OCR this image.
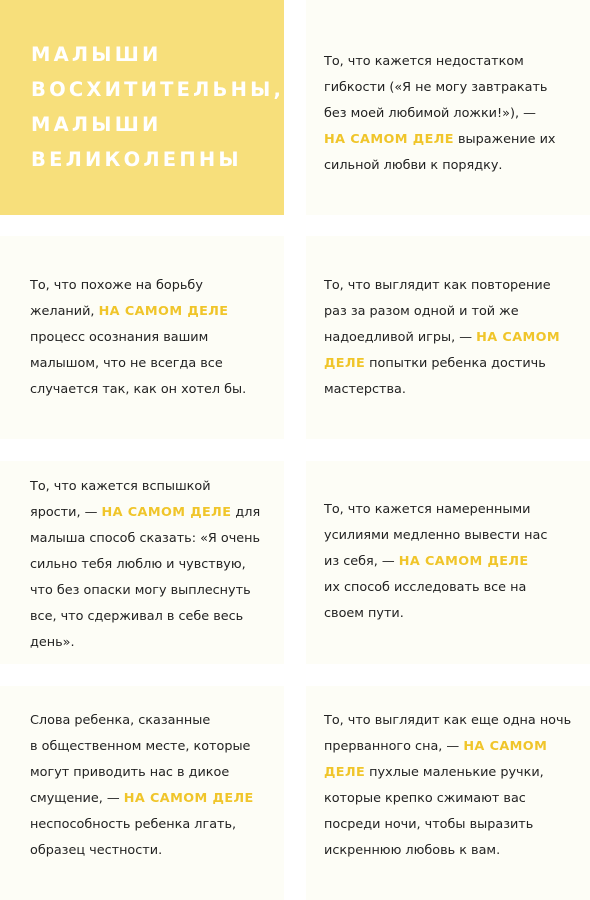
МАЛЫШИ
ВОСХИТИТЕЛЬНЫ,
МАЛЫШИ
ВЕЛИКОЛЕПНЫ

То, что кажется недостатком
гибкости («Я не могу завтракать
без моей любимой ложки!»), —
НА САМОМ ДЕЛЕ выражение их
сильной любви к порядку.

То, что похоже на борьбу
желаний, НА САМОМ ДЕЛЕ
процесс осознания вашим
малышом, что не всегда все
случается так, как он хотел бы.

То, что выглядит как повторение
раз за разом одной и той же
надоедливой игры, — НА САМОМ
ДЕЛЕ попытки ребенка достичь
мастерства.

То, что кажется вспышкой
ярости, — НА САМОМ ДЕЛЕ для
малыша способ сказать: «Я очень
сильно тебя люблю и чувствую,
что без опаски могу выплеснуть
все, что сдерживал в себе весь
день».

То, что кажется намеренными
усилиями медленно вывести нас
из себя, — НА САМОМ ДЕЛЕ
их способ исследовать все на
своем пути.

Слова ребенка, сказанные
в общественном месте, которые
могут приводить нас в дикое
смущение, — НА САМОМ ДЕЛЕ
неспособность ребенка лгать,
образец честности.

То, что выглядит как еще одна ночь
прерванного сна, — НА САМОМ
ДЕЛЕ пухлые маленькие ручки,
которые крепко сжимают вас
посреди ночи, чтобы выразить
искреннюю любовь к вам.
